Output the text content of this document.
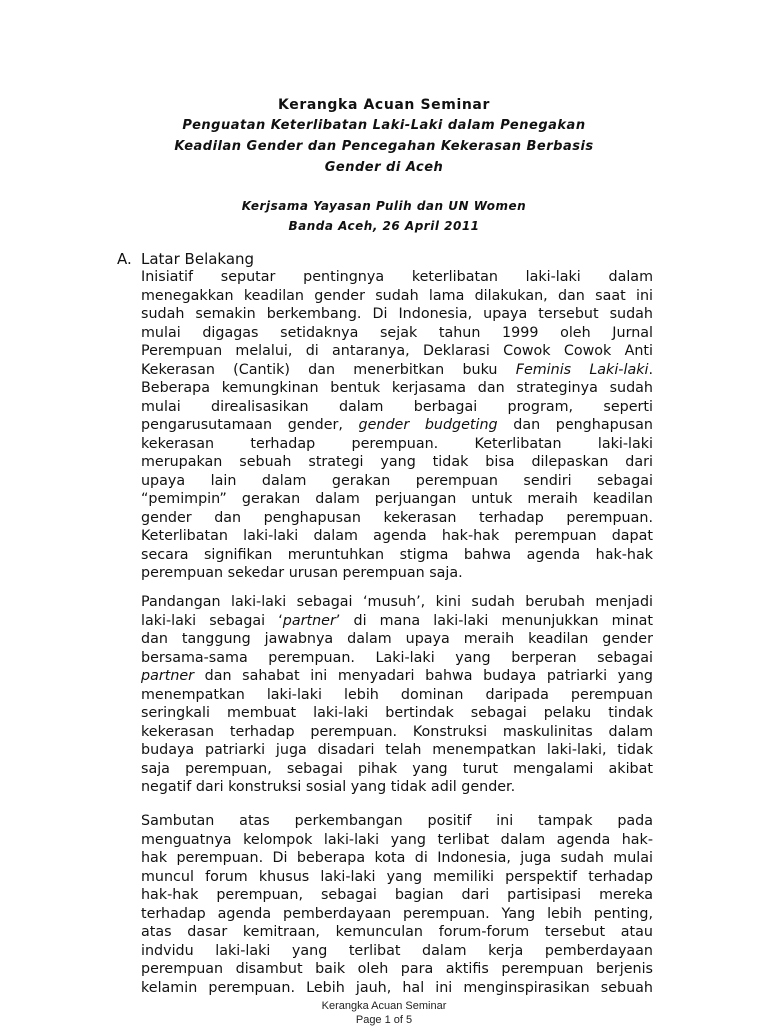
Kerangka Acuan Seminar
Penguatan Keterlibatan Laki-Laki dalam Penegakan
Keadilan Gender dan Pencegahan Kekerasan Berbasis
Gender di Aceh
Kerjsama Yayasan Pulih dan UN Women
Banda Aceh, 26 April 2011
A. Latar Belakang
Inisiatif seputar pentingnya keterlibatan laki-laki dalam
menegakkan keadilan gender sudah lama dilakukan, dan saat ini
sudah semakin berkembang. Di Indonesia, upaya tersebut sudah
mulai digagas setidaknya sejak tahun 1999 oleh Jurnal
Perempuan melalui, di antaranya, Deklarasi Cowok Cowok Anti
Kekerasan (Cantik) dan menerbitkan buku Feminis Laki-laki.
Beberapa kemungkinan bentuk kerjasama dan strateginya sudah
mulai direalisasikan dalam berbagai program, seperti
pengarusutamaan gender, gender budgeting dan penghapusan
kekerasan terhadap perempuan. Keterlibatan laki-laki
merupakan sebuah strategi yang tidak bisa dilepaskan dari
upaya lain dalam gerakan perempuan sendiri sebagai
“pemimpin” gerakan dalam perjuangan untuk meraih keadilan
gender dan penghapusan kekerasan terhadap perempuan.
Keterlibatan laki-laki dalam agenda hak-hak perempuan dapat
secara signifikan meruntuhkan stigma bahwa agenda hak-hak
perempuan sekedar urusan perempuan saja.
Pandangan laki-laki sebagai ‘musuh’, kini sudah berubah menjadi
laki-laki sebagai ‘partner’ di mana laki-laki menunjukkan minat
dan tanggung jawabnya dalam upaya meraih keadilan gender
bersama-sama perempuan. Laki-laki yang berperan sebagai
partner dan sahabat ini menyadari bahwa budaya patriarki yang
menempatkan laki-laki lebih dominan daripada perempuan
seringkali membuat laki-laki bertindak sebagai pelaku tindak
kekerasan terhadap perempuan. Konstruksi maskulinitas dalam
budaya patriarki juga disadari telah menempatkan laki-laki, tidak
saja perempuan, sebagai pihak yang turut mengalami akibat
negatif dari konstruksi sosial yang tidak adil gender.
Sambutan atas perkembangan positif ini tampak pada
menguatnya kelompok laki-laki yang terlibat dalam agenda hak-
hak perempuan. Di beberapa kota di Indonesia, juga sudah mulai
muncul forum khusus laki-laki yang memiliki perspektif terhadap
hak-hak perempuan, sebagai bagian dari partisipasi mereka
terhadap agenda pemberdayaan perempuan. Yang lebih penting,
atas dasar kemitraan, kemunculan forum-forum tersebut atau
indvidu laki-laki yang terlibat dalam kerja pemberdayaan
perempuan disambut baik oleh para aktifis perempuan berjenis
kelamin perempuan. Lebih jauh, hal ini menginspirasikan sebuah
Kerangka Acuan Seminar
Page 1 of 5
